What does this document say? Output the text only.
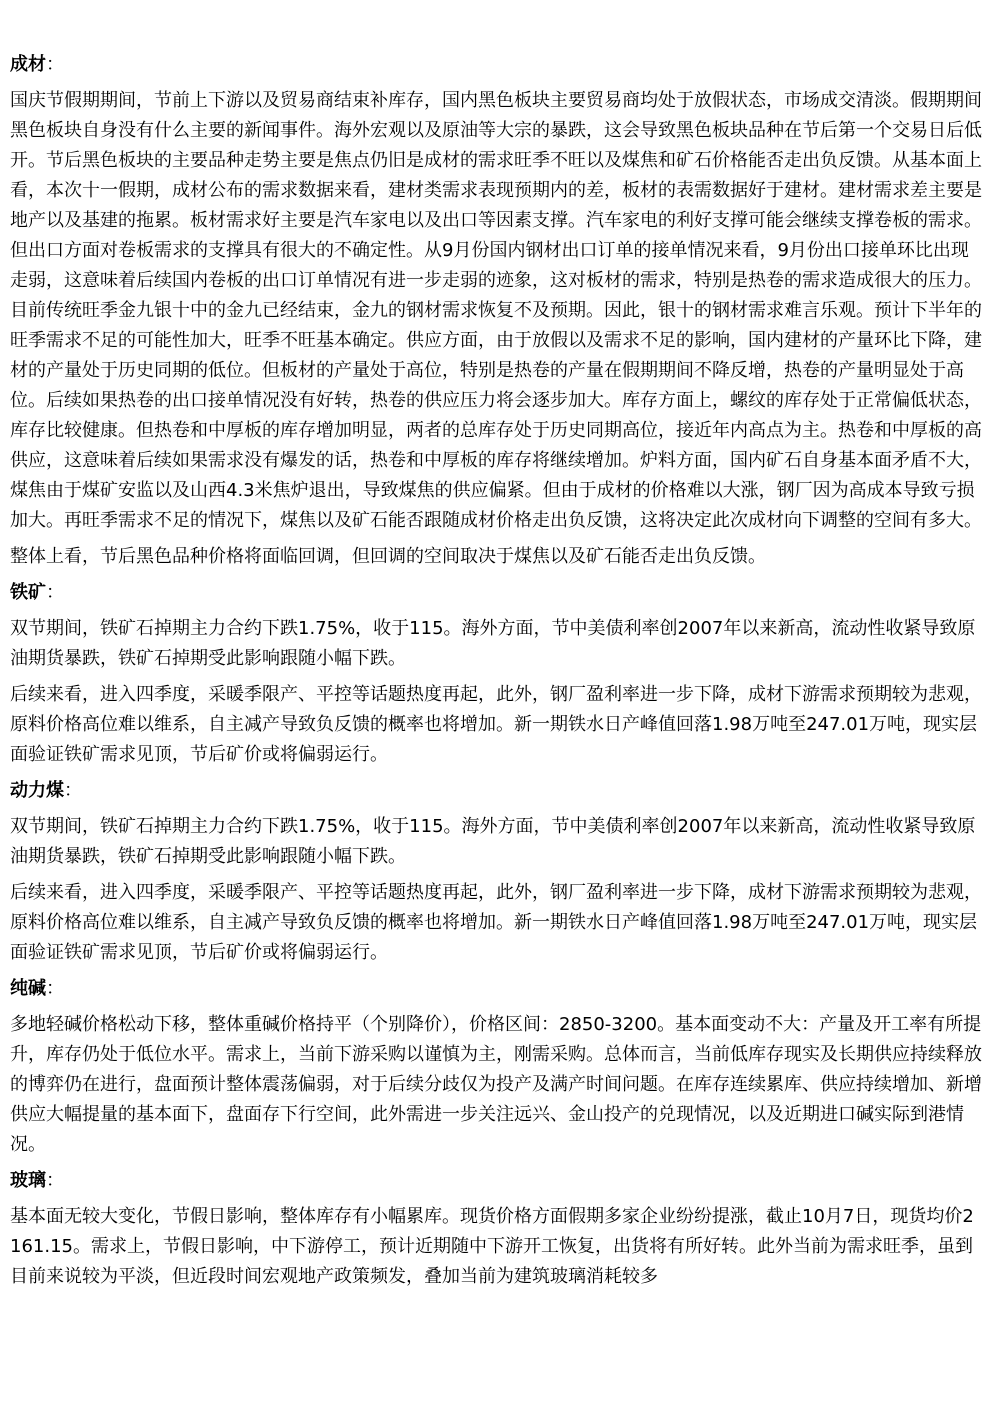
成材：

国庆节假期期间，节前上下游以及贸易商结束补库存，国内黑色板块主要贸易商均处于放假状态，市场成交清淡。假期期间黑色板块自身没有什么主要的新闻事件。海外宏观以及原油等大宗的暴跌，这会导致黑色板块品种在节后第一个交易日后低开。节后黑色板块的主要品种走势主要是焦点仍旧是成材的需求旺季不旺以及煤焦和矿石价格能否走出负反馈。从基本面上看，本次十一假期，成材公布的需求数据来看，建材类需求表现预期内的差，板材的表需数据好于建材。建材需求差主要是地产以及基建的拖累。板材需求好主要是汽车家电以及出口等因素支撑。汽车家电的利好支撑可能会继续支撑卷板的需求。但出口方面对卷板需求的支撑具有很大的不确定性。从9月份国内钢材出口订单的接单情况来看，9月份出口接单环比出现走弱，这意味着后续国内卷板的出口订单情况有进一步走弱的迹象，这对板材的需求，特别是热卷的需求造成很大的压力。目前传统旺季金九银十中的金九已经结束，金九的钢材需求恢复不及预期。因此，银十的钢材需求难言乐观。预计下半年的旺季需求不足的可能性加大，旺季不旺基本确定。供应方面，由于放假以及需求不足的影响，国内建材的产量环比下降，建材的产量处于历史同期的低位。但板材的产量处于高位，特别是热卷的产量在假期期间不降反增，热卷的产量明显处于高位。后续如果热卷的出口接单情况没有好转，热卷的供应压力将会逐步加大。库存方面上，螺纹的库存处于正常偏低状态，库存比较健康。但热卷和中厚板的库存增加明显，两者的总库存处于历史同期高位，接近年内高点为主。热卷和中厚板的高供应，这意味着后续如果需求没有爆发的话，热卷和中厚板的库存将继续增加。炉料方面，国内矿石自身基本面矛盾不大，煤焦由于煤矿安监以及山西4.3米焦炉退出，导致煤焦的供应偏紧。但由于成材的价格难以大涨，钢厂因为高成本导致亏损加大。再旺季需求不足的情况下，煤焦以及矿石能否跟随成材价格走出负反馈，这将决定此次成材向下调整的空间有多大。

整体上看，节后黑色品种价格将面临回调，但回调的空间取决于煤焦以及矿石能否走出负反馈。

铁矿：

双节期间，铁矿石掉期主力合约下跌1.75%，收于115。海外方面，节中美债利率创2007年以来新高，流动性收紧导致原油期货暴跌，铁矿石掉期受此影响跟随小幅下跌。

后续来看，进入四季度，采暖季限产、平控等话题热度再起，此外，钢厂盈利率进一步下降，成材下游需求预期较为悲观，原料价格高位难以维系，自主减产导致负反馈的概率也将增加。新一期铁水日产峰值回落1.98万吨至247.01万吨，现实层面验证铁矿需求见顶，节后矿价或将偏弱运行。

动力煤：

双节期间，铁矿石掉期主力合约下跌1.75%，收于115。海外方面，节中美债利率创2007年以来新高，流动性收紧导致原油期货暴跌，铁矿石掉期受此影响跟随小幅下跌。

后续来看，进入四季度，采暖季限产、平控等话题热度再起，此外，钢厂盈利率进一步下降，成材下游需求预期较为悲观，原料价格高位难以维系，自主减产导致负反馈的概率也将增加。新一期铁水日产峰值回落1.98万吨至247.01万吨，现实层面验证铁矿需求见顶，节后矿价或将偏弱运行。

纯碱：

多地轻碱价格松动下移，整体重碱价格持平（个别降价），价格区间：2850-3200。基本面变动不大：产量及开工率有所提升，库存仍处于低位水平。需求上，当前下游采购以谨慎为主，刚需采购。总体而言，当前低库存现实及长期供应持续释放的博弈仍在进行，盘面预计整体震荡偏弱，对于后续分歧仅为投产及满产时间问题。在库存连续累库、供应持续增加、新增供应大幅提量的基本面下，盘面存下行空间，此外需进一步关注远兴、金山投产的兑现情况，以及近期进口碱实际到港情况。

玻璃：

基本面无较大变化，节假日影响，整体库存有小幅累库。现货价格方面假期多家企业纷纷提涨，截止10月7日，现货均价2161.15。需求上，节假日影响，中下游停工，预计近期随中下游开工恢复，出货将有所好转。此外当前为需求旺季，虽到目前来说较为平淡，但近段时间宏观地产政策频发，叠加当前为建筑玻璃消耗较多
